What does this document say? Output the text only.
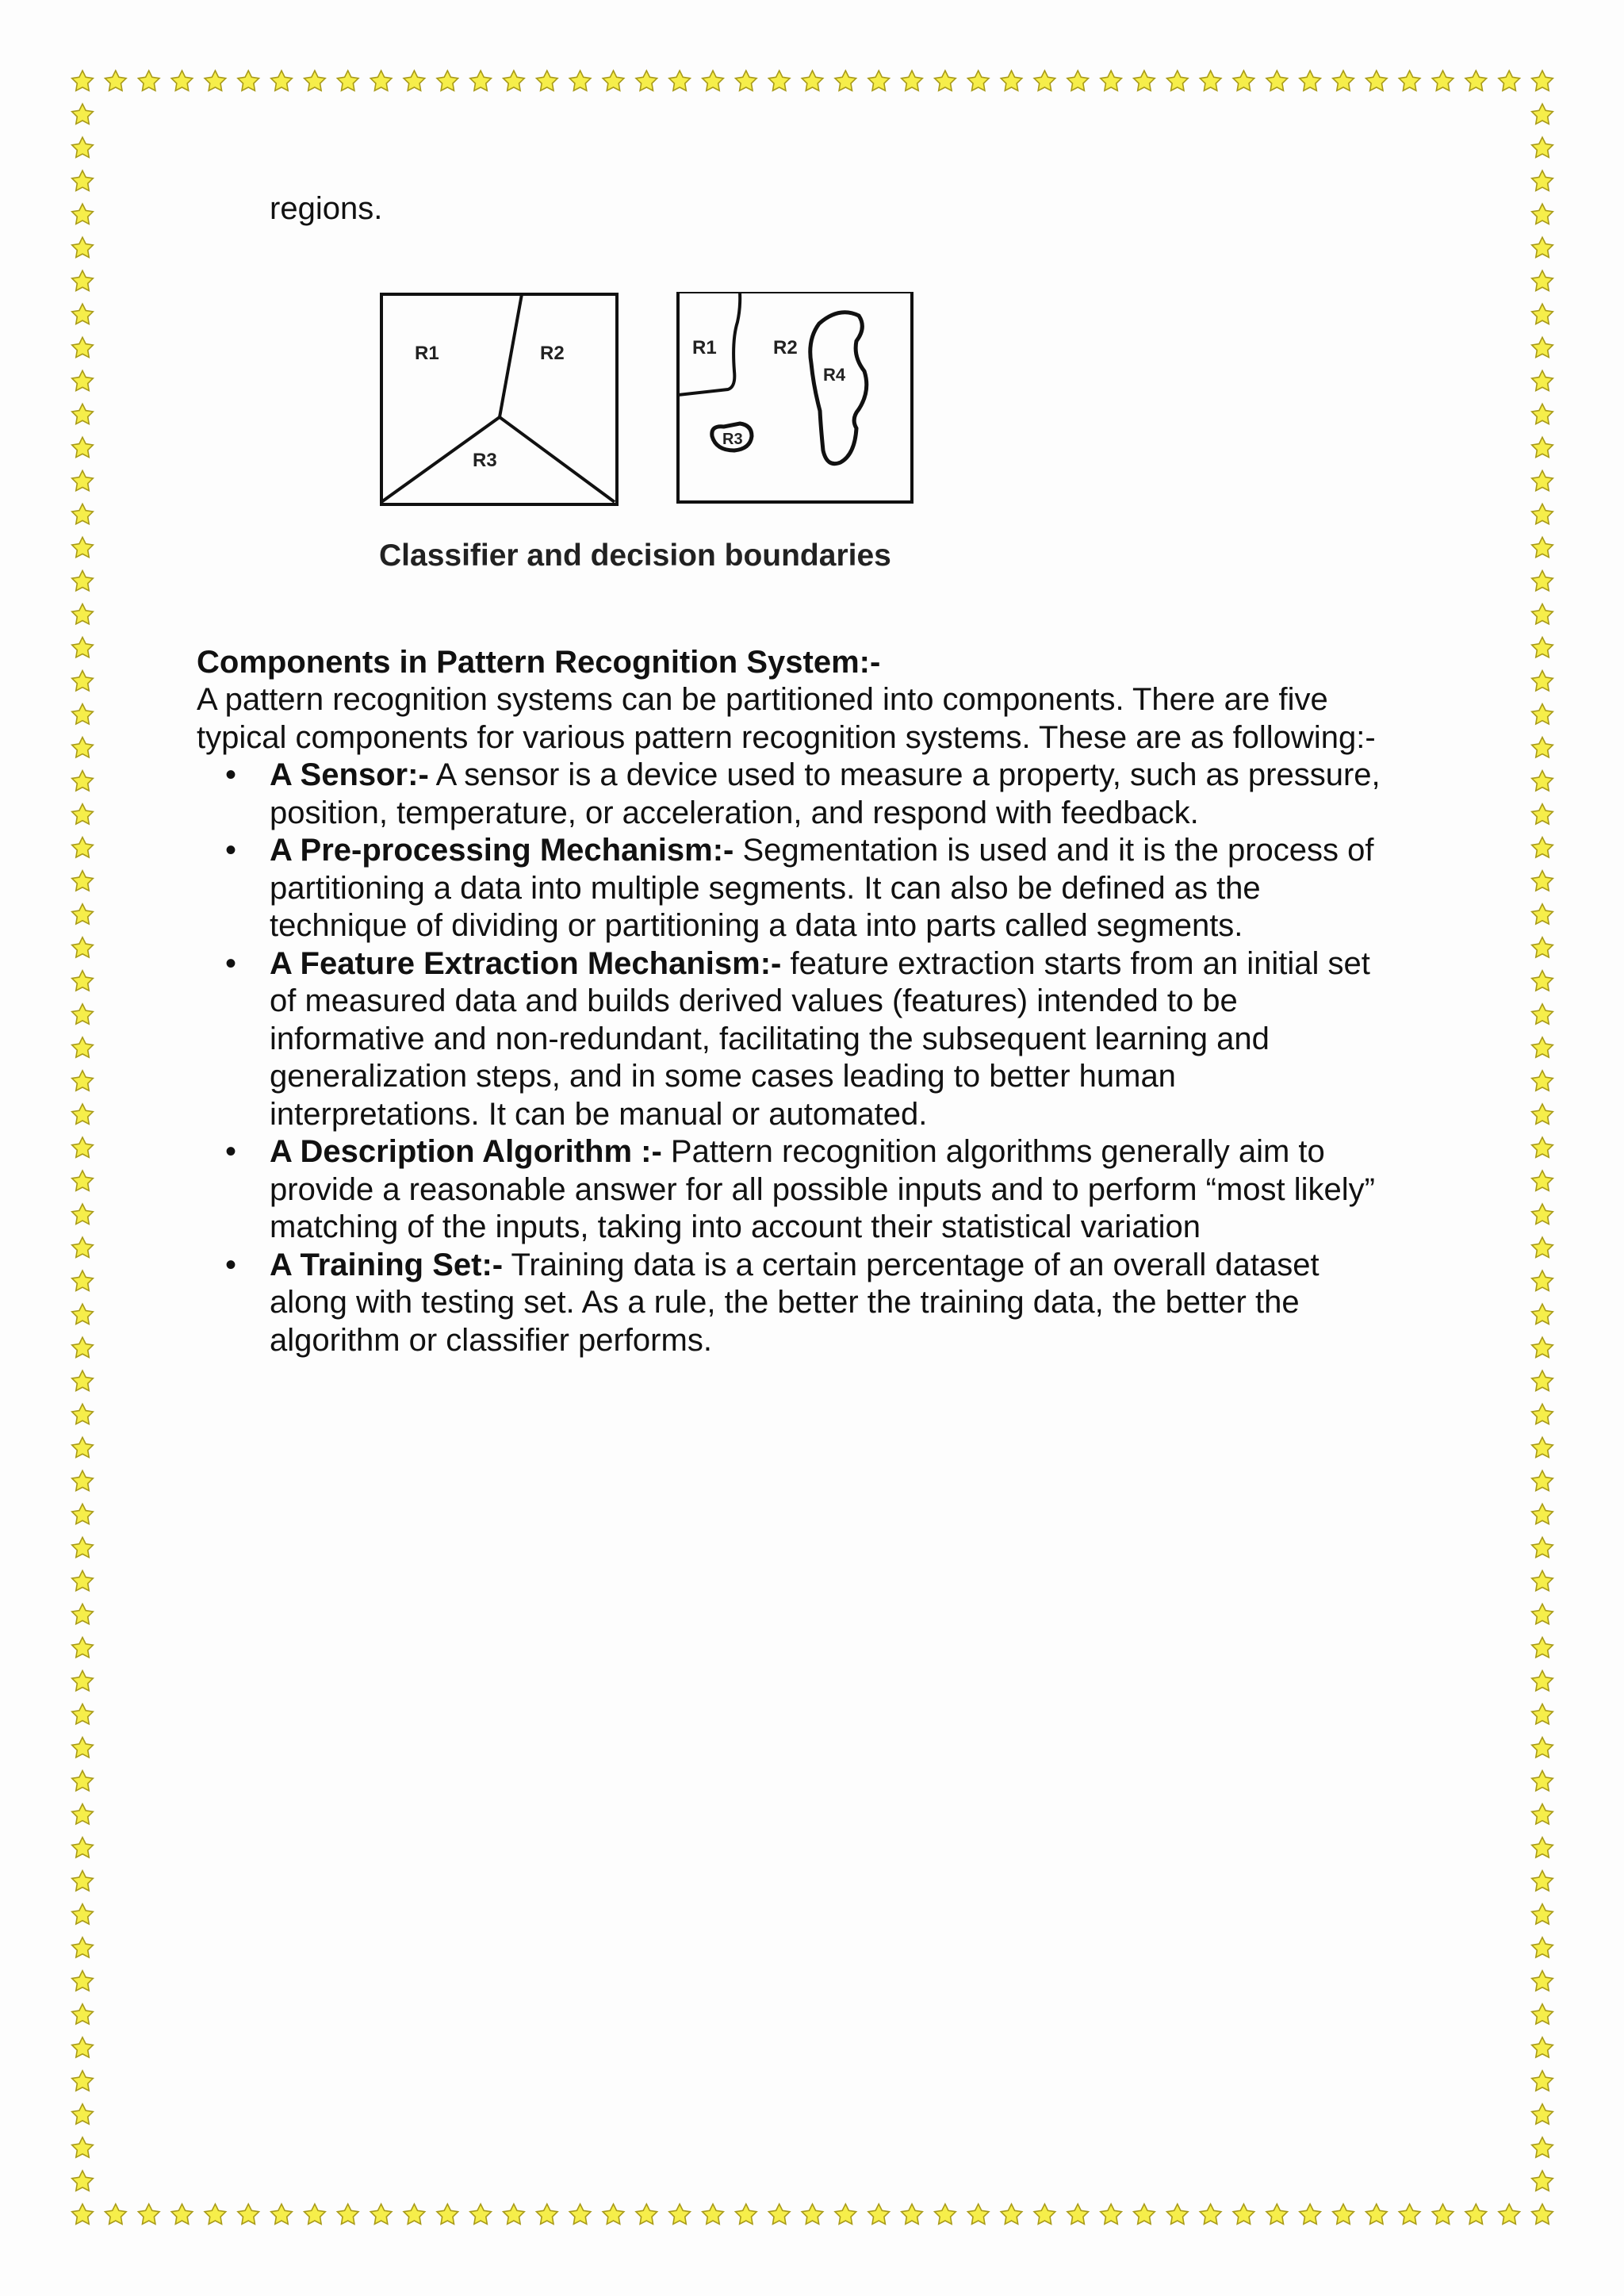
regions.
R1	R2
R3
R1	R2
R3
R4
Classifier and decision boundaries
Components in Pattern Recognition System:-

A pattern recognition systems can be partitioned into components. There are five

typical components for various pattern recognition systems. These are as following:-

• A Sensor:- A sensor is a device used to measure a property, such as pressure,
position, temperature, or acceleration, and respond with feedback.
• A Pre-processing Mechanism:- Segmentation is used and it is the process of
partitioning a data into multiple segments. It can also be defined as the
technique of dividing or partitioning a data into parts called segments.
• A Feature Extraction Mechanism:- feature extraction starts from an initial set
of measured data and builds derived values (features) intended to be
informative and non-redundant, facilitating the subsequent learning and
generalization steps, and in some cases leading to better human
interpretations. It can be manual or automated.
• A Description Algorithm :- Pattern recognition algorithms generally aim to
provide a reasonable answer for all possible inputs and to perform “most likely”
matching of the inputs, taking into account their statistical variation
• A Training Set:- Training data is a certain percentage of an overall dataset
along with testing set. As a rule, the better the training data, the better the
algorithm or classifier performs.
